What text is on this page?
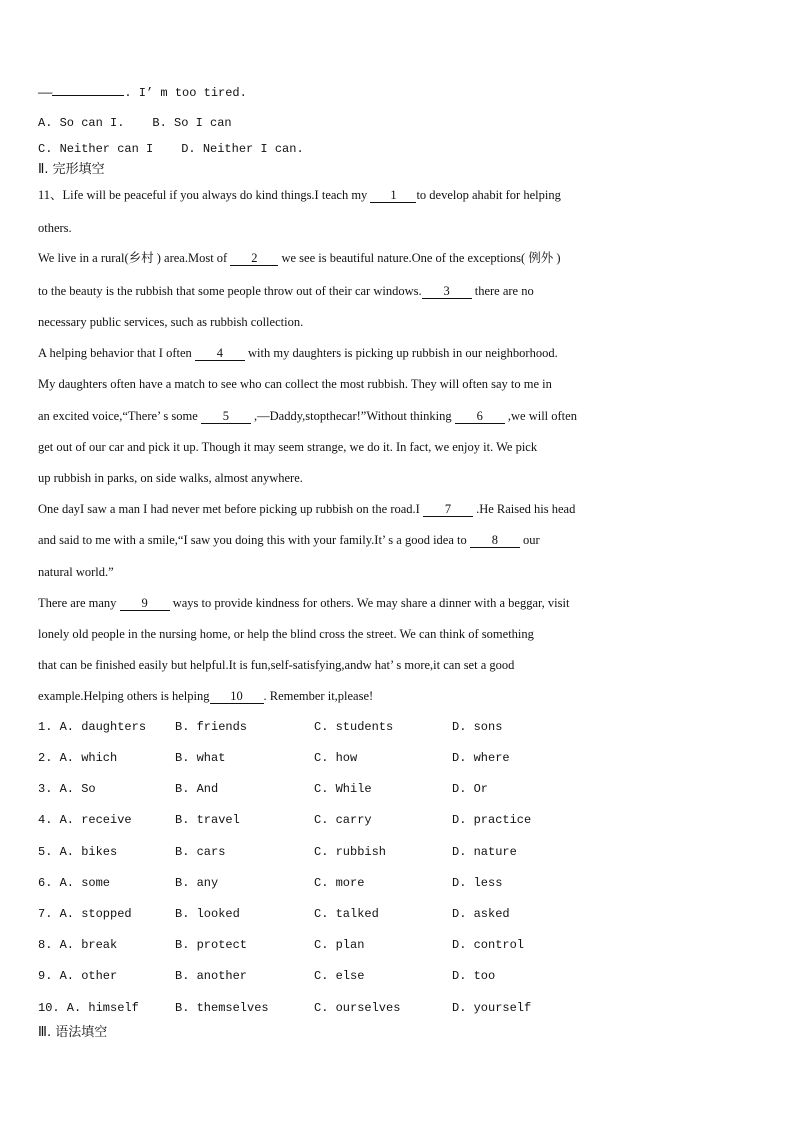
——	. I’ m too tired.
A. So can I. B. So I can
C. Neither can I D. Neither I can.
Ⅱ. 完形填空
11、Life will be peaceful if you always do kind things.I teach my 1 to develop ahabit for helping
others.
We live in a rural(乡村 ) area.Most of 2 we see is beautiful nature.One of the exceptions( 例外 )
to the beauty is the rubbish that some people throw out of their car windows. 3 there are no
necessary public services, such as rubbish collection.
A helping behavior that I often 4 with my daughters is picking up rubbish in our neighborhood.
My daughters often have a match to see who can collect the most rubbish. They will often say to me in
an excited voice,“There’ s some 5 ,—Daddy,stopthecar!”Without thinking 6 ,we will often
get out of our car and pick it up. Though it may seem strange, we do it. In fact, we enjoy it. We pick
up rubbish in parks, on side walks, almost anywhere.
One dayI saw a man I had never met before picking up rubbish on the road.I 7 .He Raised his head
and said to me with a smile,“I saw you doing this with your family.It’ s a good idea to 8 our
natural world.”
There are many 9 ways to provide kindness for others. We may share a dinner with a beggar, visit
lonely old people in the nursing home, or help the blind cross the street. We can think of something
that can be finished easily but helpful.It is fun,self-satisfying,andw hat’ s more,it can set a good
example.Helping others is helping 10 . Remember it,please!
1. A. daughters B. friends	C. students	D. sons
2. A. which	B. what	C. how	D. where
3. A. So	B. And	C. While	D. Or
4. A. receive	B. travel	C. carry	D. practice
5. A. bikes	B. cars	C. rubbish	D. nature
6. A. some	B. any	C. more	D. less
7. A. stopped	B. looked	C. talked	D. asked
8. A. break	B. protect	C. plan	D. control
9. A. other	B. another	C. else	D. too
10. A. himself	B. themselves	C. ourselves	D. yourself
Ⅲ. 语法填空
